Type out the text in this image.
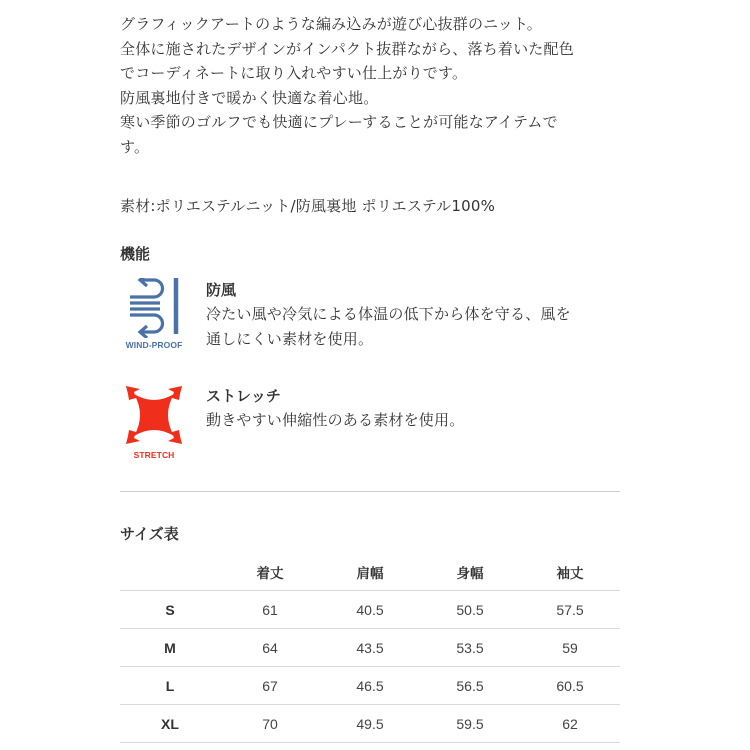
グラフィックアートのような編み込みが遊び心抜群のニット。
全体に施されたデザインがインパクト抜群ながら、落ち着いた配色
でコーディネートに取り入れやすい仕上がりです。
防風裏地付きで暖かく快適な着心地。
寒い季節のゴルフでも快適にプレーすることが可能なアイテムで
す。
素材:ポリエステルニット/防風裏地 ポリエステル100%
機能
WIND-PROOF
防風
冷たい風や冷気による体温の低下から体を守る、風を
通しにくい素材を使用。
STRETCH
ストレッチ
動きやすい伸縮性のある素材を使用。
サイズ表
	着丈	肩幅	身幅	袖丈
S	61	40.5	50.5	57.5
M	64	43.5	53.5	59
L	67	46.5	56.5	60.5
XL	70	49.5	59.5	62
